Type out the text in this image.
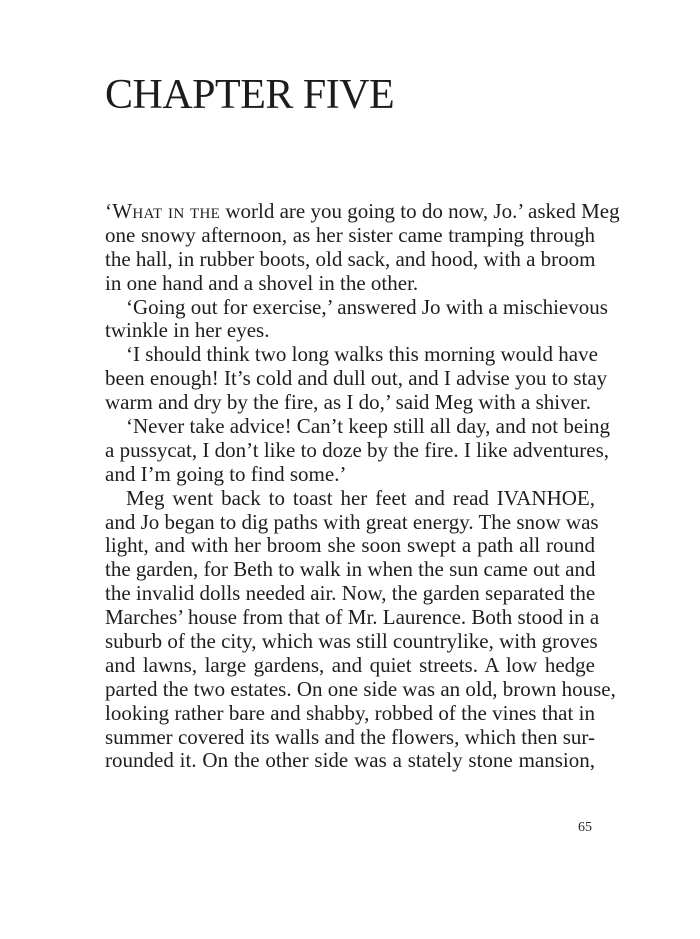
CHAPTER FIVE
‘What in the world are you going to do now, Jo.’ asked Meg
one snowy afternoon, as her sister came tramping through
the hall, in rubber boots, old sack, and hood, with a broom
in one hand and a shovel in the other.
‘Going out for exercise,’ answered Jo with a mischievous
twinkle in her eyes.
‘I should think two long walks this morning would have
been enough! It’s cold and dull out, and I advise you to stay
warm and dry by the fire, as I do,’ said Meg with a shiver.
‘Never take advice! Can’t keep still all day, and not being
a pussycat, I don’t like to doze by the fire. I like adventures,
and I’m going to find some.’
Meg went back to toast her feet and read IVANHOE,
and Jo began to dig paths with great energy. The snow was
light, and with her broom she soon swept a path all round
the garden, for Beth to walk in when the sun came out and
the invalid dolls needed air. Now, the garden separated the
Marches’ house from that of Mr. Laurence. Both stood in a
suburb of the city, which was still countrylike, with groves
and lawns, large gardens, and quiet streets. A low hedge
parted the two estates. On one side was an old, brown house,
looking rather bare and shabby, robbed of the vines that in
summer covered its walls and the flowers, which then sur-
rounded it. On the other side was a stately stone mansion,
65
